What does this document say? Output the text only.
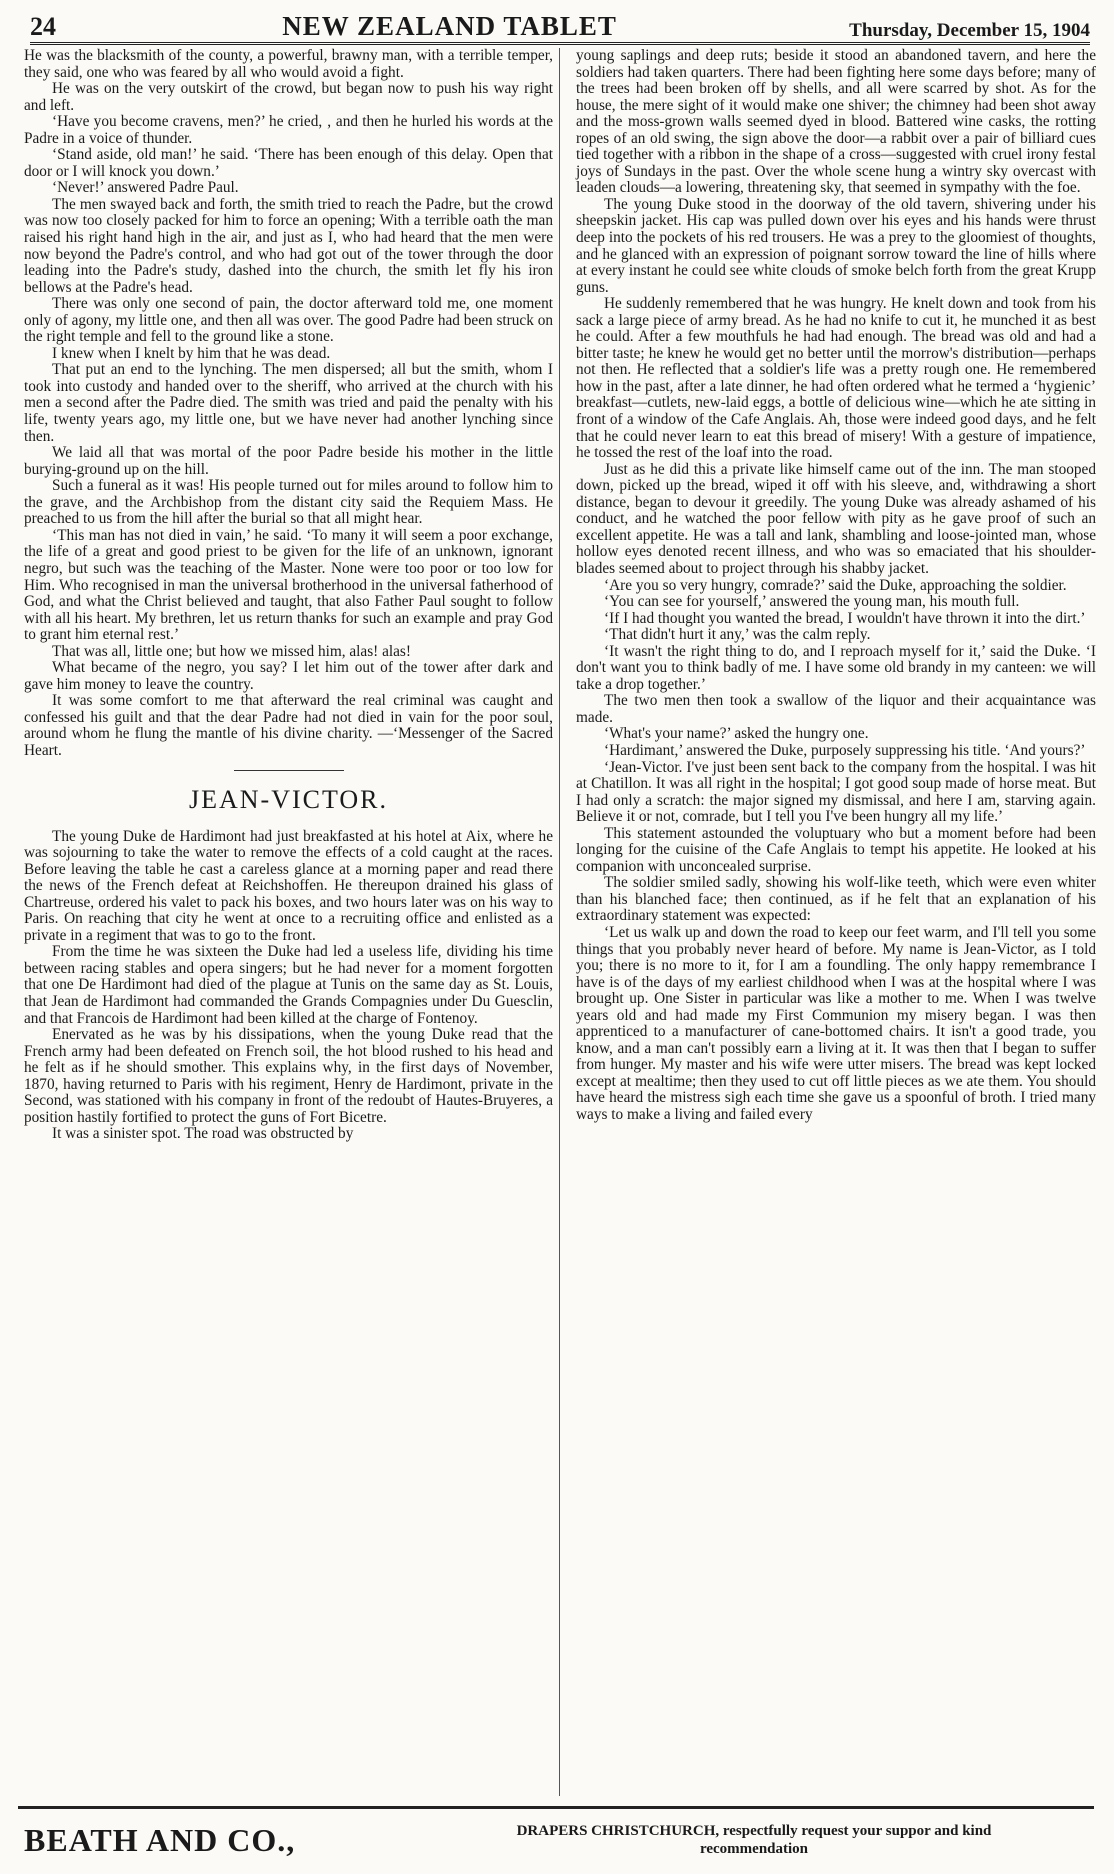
24	NEW ZEALAND TABLET	Thursday, December 15, 1904

He was the blacksmith of the county, a powerful, brawny man, with a terrible temper, they said, one who was feared by all who would avoid a fight.

He was on the very outskirt of the crowd, but began now to push his way right and left.

‘Have you become cravens, men?’ he cried, ‚ and then he hurled his words at the Padre in a voice of thunder.

‘Stand aside, old man!’ he said. ‘There has been enough of this delay. Open that door or I will knock you down.’

‘Never!’ answered Padre Paul.

The men swayed back and forth, the smith tried to reach the Padre, but the crowd was now too closely packed for him to force an opening; With a terrible oath the man raised his right hand high in the air, and just as I, who had heard that the men were now beyond the Padre's control, and who had got out of the tower through the door leading into the Padre's study, dashed into the church, the smith let fly his iron bellows at the Padre's head.

There was only one second of pain, the doctor afterward told me, one moment only of agony, my little one, and then all was over. The good Padre had been struck on the right temple and fell to the ground like a stone.

I knew when I knelt by him that he was dead.

That put an end to the lynching. The men dispersed; all but the smith, whom I took into custody and handed over to the sheriff, who arrived at the church with his men a second after the Padre died. The smith was tried and paid the penalty with his life, twenty years ago, my little one, but we have never had another lynching since then.

We laid all that was mortal of the poor Padre beside his mother in the little burying-ground up on the hill.

Such a funeral as it was! His people turned out for miles around to follow him to the grave, and the Archbishop from the distant city said the Requiem Mass. He preached to us from the hill after the burial so that all might hear.

‘This man has not died in vain,’ he said. ‘To many it will seem a poor exchange, the life of a great and good priest to be given for the life of an unknown, ignorant negro, but such was the teaching of the Master. None were too poor or too low for Him. Who recognised in man the universal brotherhood in the universal fatherhood of God, and what the Christ believed and taught, that also Father Paul sought to follow with all his heart. My brethren, let us return thanks for such an example and pray God to grant him eternal rest.’

That was all, little one; but how we missed him, alas! alas!

What became of the negro, you say? I let him out of the tower after dark and gave him money to leave the country.

It was some comfort to me that afterward the real criminal was caught and confessed his guilt and that the dear Padre had not died in vain for the poor soul, around whom he flung the mantle of his divine charity. —‘Messenger of the Sacred Heart.

JEAN-VICTOR.

The young Duke de Hardimont had just breakfasted at his hotel at Aix, where he was sojourning to take the water to remove the effects of a cold caught at the races. Before leaving the table he cast a careless glance at a morning paper and read there the news of the French defeat at Reichshoffen. He thereupon drained his glass of Chartreuse, ordered his valet to pack his boxes, and two hours later was on his way to Paris. On reaching that city he went at once to a recruiting office and enlisted as a private in a regiment that was to go to the front.

From the time he was sixteen the Duke had led a useless life, dividing his time between racing stables and opera singers; but he had never for a moment forgotten that one De Hardimont had died of the plague at Tunis on the same day as St. Louis, that Jean de Hardimont had commanded the Grands Compagnies under Du Guesclin, and that Francois de Hardimont had been killed at the charge of Fontenoy.

Enervated as he was by his dissipations, when the young Duke read that the French army had been defeated on French soil, the hot blood rushed to his head and he felt as if he should smother. This explains why, in the first days of November, 1870, having returned to Paris with his regiment, Henry de Hardimont, private in the Second, was stationed with his company in front of the redoubt of Hautes-Bruyeres, a position hastily fortified to protect the guns of Fort Bicetre.

It was a sinister spot. The road was obstructed by

young saplings and deep ruts; beside it stood an abandoned tavern, and here the soldiers had taken quarters. There had been fighting here some days before; many of the trees had been broken off by shells, and all were scarred by shot. As for the house, the mere sight of it would make one shiver; the chimney had been shot away and the moss-grown walls seemed dyed in blood. Battered wine casks, the rotting ropes of an old swing, the sign above the door—a rabbit over a pair of billiard cues tied together with a ribbon in the shape of a cross—suggested with cruel irony festal joys of Sundays in the past. Over the whole scene hung a wintry sky overcast with leaden clouds—a lowering, threatening sky, that seemed in sympathy with the foe.

The young Duke stood in the doorway of the old tavern, shivering under his sheepskin jacket. His cap was pulled down over his eyes and his hands were thrust deep into the pockets of his red trousers. He was a prey to the gloomiest of thoughts, and he glanced with an expression of poignant sorrow toward the line of hills where at every instant he could see white clouds of smoke belch forth from the great Krupp guns.

He suddenly remembered that he was hungry. He knelt down and took from his sack a large piece of army bread. As he had no knife to cut it, he munched it as best he could. After a few mouthfuls he had had enough. The bread was old and had a bitter taste; he knew he would get no better until the morrow's distribution—perhaps not then. He reflected that a soldier's life was a pretty rough one. He remembered how in the past, after a late dinner, he had often ordered what he termed a ‘hygienic’ breakfast—cutlets, new-laid eggs, a bottle of delicious wine—which he ate sitting in front of a window of the Cafe Anglais. Ah, those were indeed good days, and he felt that he could never learn to eat this bread of misery! With a gesture of impatience, he tossed the rest of the loaf into the road.

Just as he did this a private like himself came out of the inn. The man stooped down, picked up the bread, wiped it off with his sleeve, and, withdrawing a short distance, began to devour it greedily. The young Duke was already ashamed of his conduct, and he watched the poor fellow with pity as he gave proof of such an excellent appetite. He was a tall and lank, shambling and loose-jointed man, whose hollow eyes denoted recent illness, and who was so emaciated that his shoulder-blades seemed about to project through his shabby jacket.

‘Are you so very hungry, comrade?’ said the Duke, approaching the soldier.

‘You can see for yourself,’ answered the young man, his mouth full.

‘If I had thought you wanted the bread, I wouldn't have thrown it into the dirt.’

‘That didn't hurt it any,’ was the calm reply.

‘It wasn't the right thing to do, and I reproach myself for it,’ said the Duke. ‘I don't want you to think badly of me. I have some old brandy in my canteen: we will take a drop together.’

The two men then took a swallow of the liquor and their acquaintance was made.

‘What's your name?’ asked the hungry one.

‘Hardimant,’ answered the Duke, purposely suppressing his title. ‘And yours?’

‘Jean-Victor. I've just been sent back to the company from the hospital. I was hit at Chatillon. It was all right in the hospital; I got good soup made of horse meat. But I had only a scratch: the major signed my dismissal, and here I am, starving again. Believe it or not, comrade, but I tell you I've been hungry all my life.’

This statement astounded the voluptuary who but a moment before had been longing for the cuisine of the Cafe Anglais to tempt his appetite. He looked at his companion with unconcealed surprise.

The soldier smiled sadly, showing his wolf-like teeth, which were even whiter than his blanched face; then continued, as if he felt that an explanation of his extraordinary statement was expected:

‘Let us walk up and down the road to keep our feet warm, and I'll tell you some things that you probably never heard of before. My name is Jean-Victor, as I told you; there is no more to it, for I am a foundling. The only happy remembrance I have is of the days of my earliest childhood when I was at the hospital where I was brought up. One Sister in particular was like a mother to me. When I was twelve years old and had made my First Communion my misery began. I was then apprenticed to a manufacturer of cane-bottomed chairs. It isn't a good trade, you know, and a man can't possibly earn a living at it. It was then that I began to suffer from hunger. My master and his wife were utter misers. The bread was kept locked except at mealtime; then they used to cut off little pieces as we ate them. You should have heard the mistress sigh each time she gave us a spoonful of broth. I tried many ways to make a living and failed every

BEATH AND CO.,	DRAPERS CHRISTCHURCH, respectfully request your suppor and kind
recommendation
